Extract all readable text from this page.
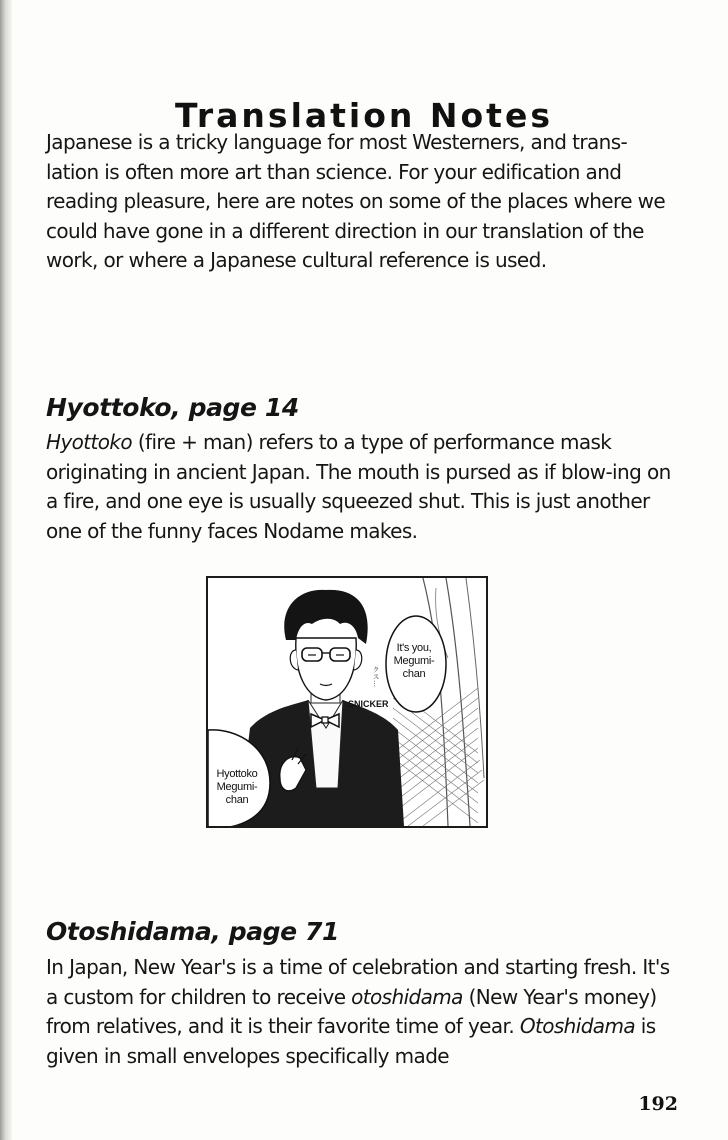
Translation Notes

Japanese is a tricky language for most Westerners, and trans-lation is often more art than science. For your edification and reading pleasure, here are notes on some of the places where we could have gone in a different direction in our translation of the work, or where a Japanese cultural reference is used.

Hyottoko, page 14

Hyottoko (fire + man) refers to a type of performance mask originating in ancient Japan. The mouth is pursed as if blow-ing on a fire, and one eye is usually squeezed shut. This is just another one of the funny faces Nodame makes.

It's you, Megumi-chan
Hyottoko Megumi-chan
クス…
SNICKER
Otoshidama, page 71

In Japan, New Year's is a time of celebration and starting fresh. It's a custom for children to receive otoshidama (New Year's money) from relatives, and it is their favorite time of year. Otoshidama is given in small envelopes specifically made

192
